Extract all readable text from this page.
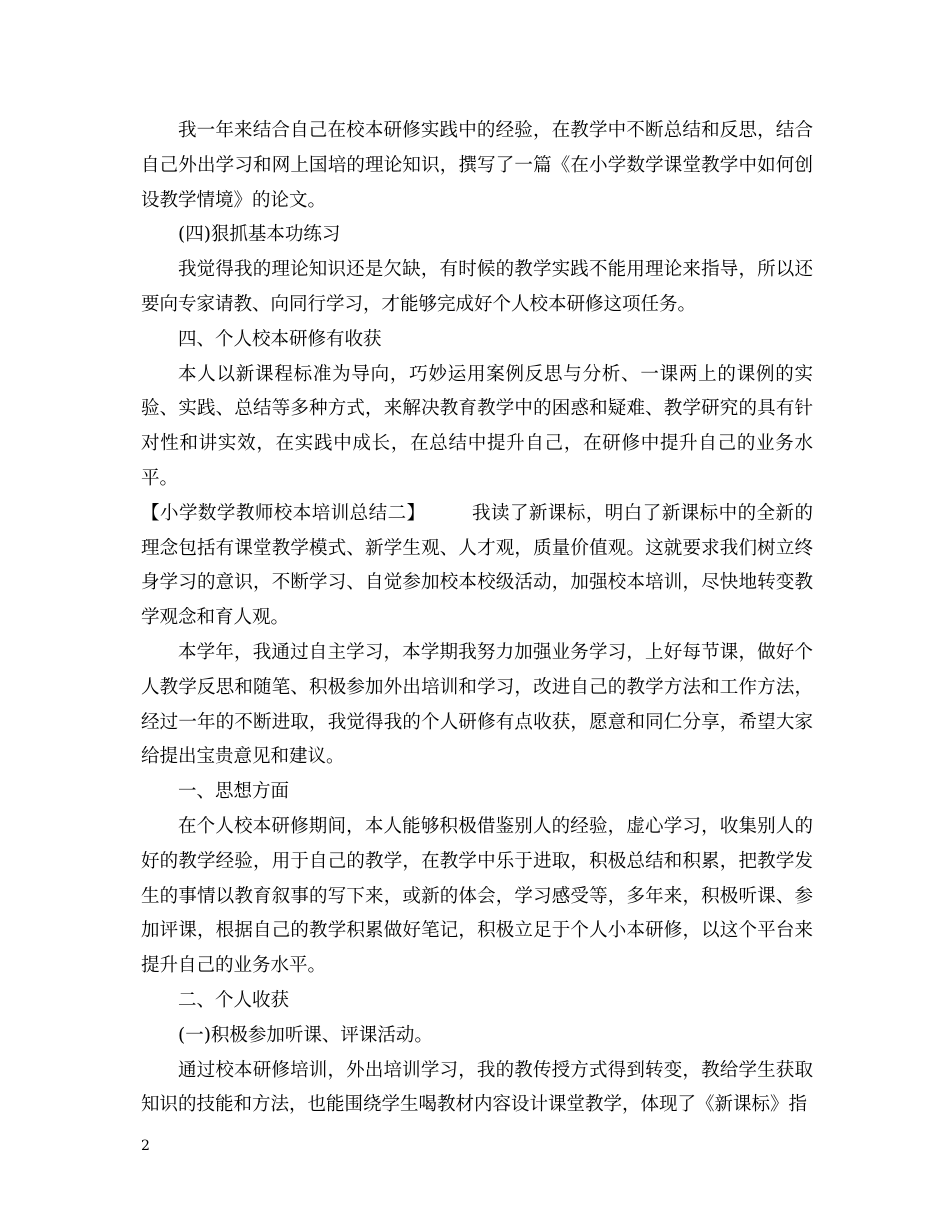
我一年来结合自己在校本研修实践中的经验，在教学中不断总结和反思，结合自己外出学习和网上国培的理论知识，撰写了一篇《在小学数学课堂教学中如何创设教学情境》的论文。

(四)狠抓基本功练习

我觉得我的理论知识还是欠缺，有时候的教学实践不能用理论来指导，所以还要向专家请教、向同行学习，才能够完成好个人校本研修这项任务。

四、个人校本研修有收获

本人以新课程标准为导向，巧妙运用案例反思与分析、一课两上的课例的实验、实践、总结等多种方式，来解决教育教学中的困惑和疑难、教学研究的具有针对性和讲实效，在实践中成长，在总结中提升自己，在研修中提升自己的业务水平。

【小学数学教师校本培训总结二】 我读了新课标，明白了新课标中的全新的理念包括有课堂教学模式、新学生观、人才观，质量价值观。这就要求我们树立终身学习的意识，不断学习、自觉参加校本校级活动，加强校本培训，尽快地转变教学观念和育人观。

本学年，我通过自主学习，本学期我努力加强业务学习，上好每节课，做好个人教学反思和随笔、积极参加外出培训和学习，改进自己的教学方法和工作方法，经过一年的不断进取，我觉得我的个人研修有点收获，愿意和同仁分享，希望大家给提出宝贵意见和建议。

一、思想方面

在个人校本研修期间，本人能够积极借鉴别人的经验，虚心学习，收集别人的好的教学经验，用于自己的教学，在教学中乐于进取，积极总结和积累，把教学发生的事情以教育叙事的写下来，或新的体会，学习感受等，多年来，积极听课、参加评课，根据自己的教学积累做好笔记，积极立足于个人小本研修，以这个平台来提升自己的业务水平。

二、个人收获

(一)积极参加听课、评课活动。

通过校本研修培训，外出培训学习，我的教传授方式得到转变，教给学生获取知识的技能和方法，也能围绕学生喝教材内容设计课堂教学，体现了《新课标》指

2
